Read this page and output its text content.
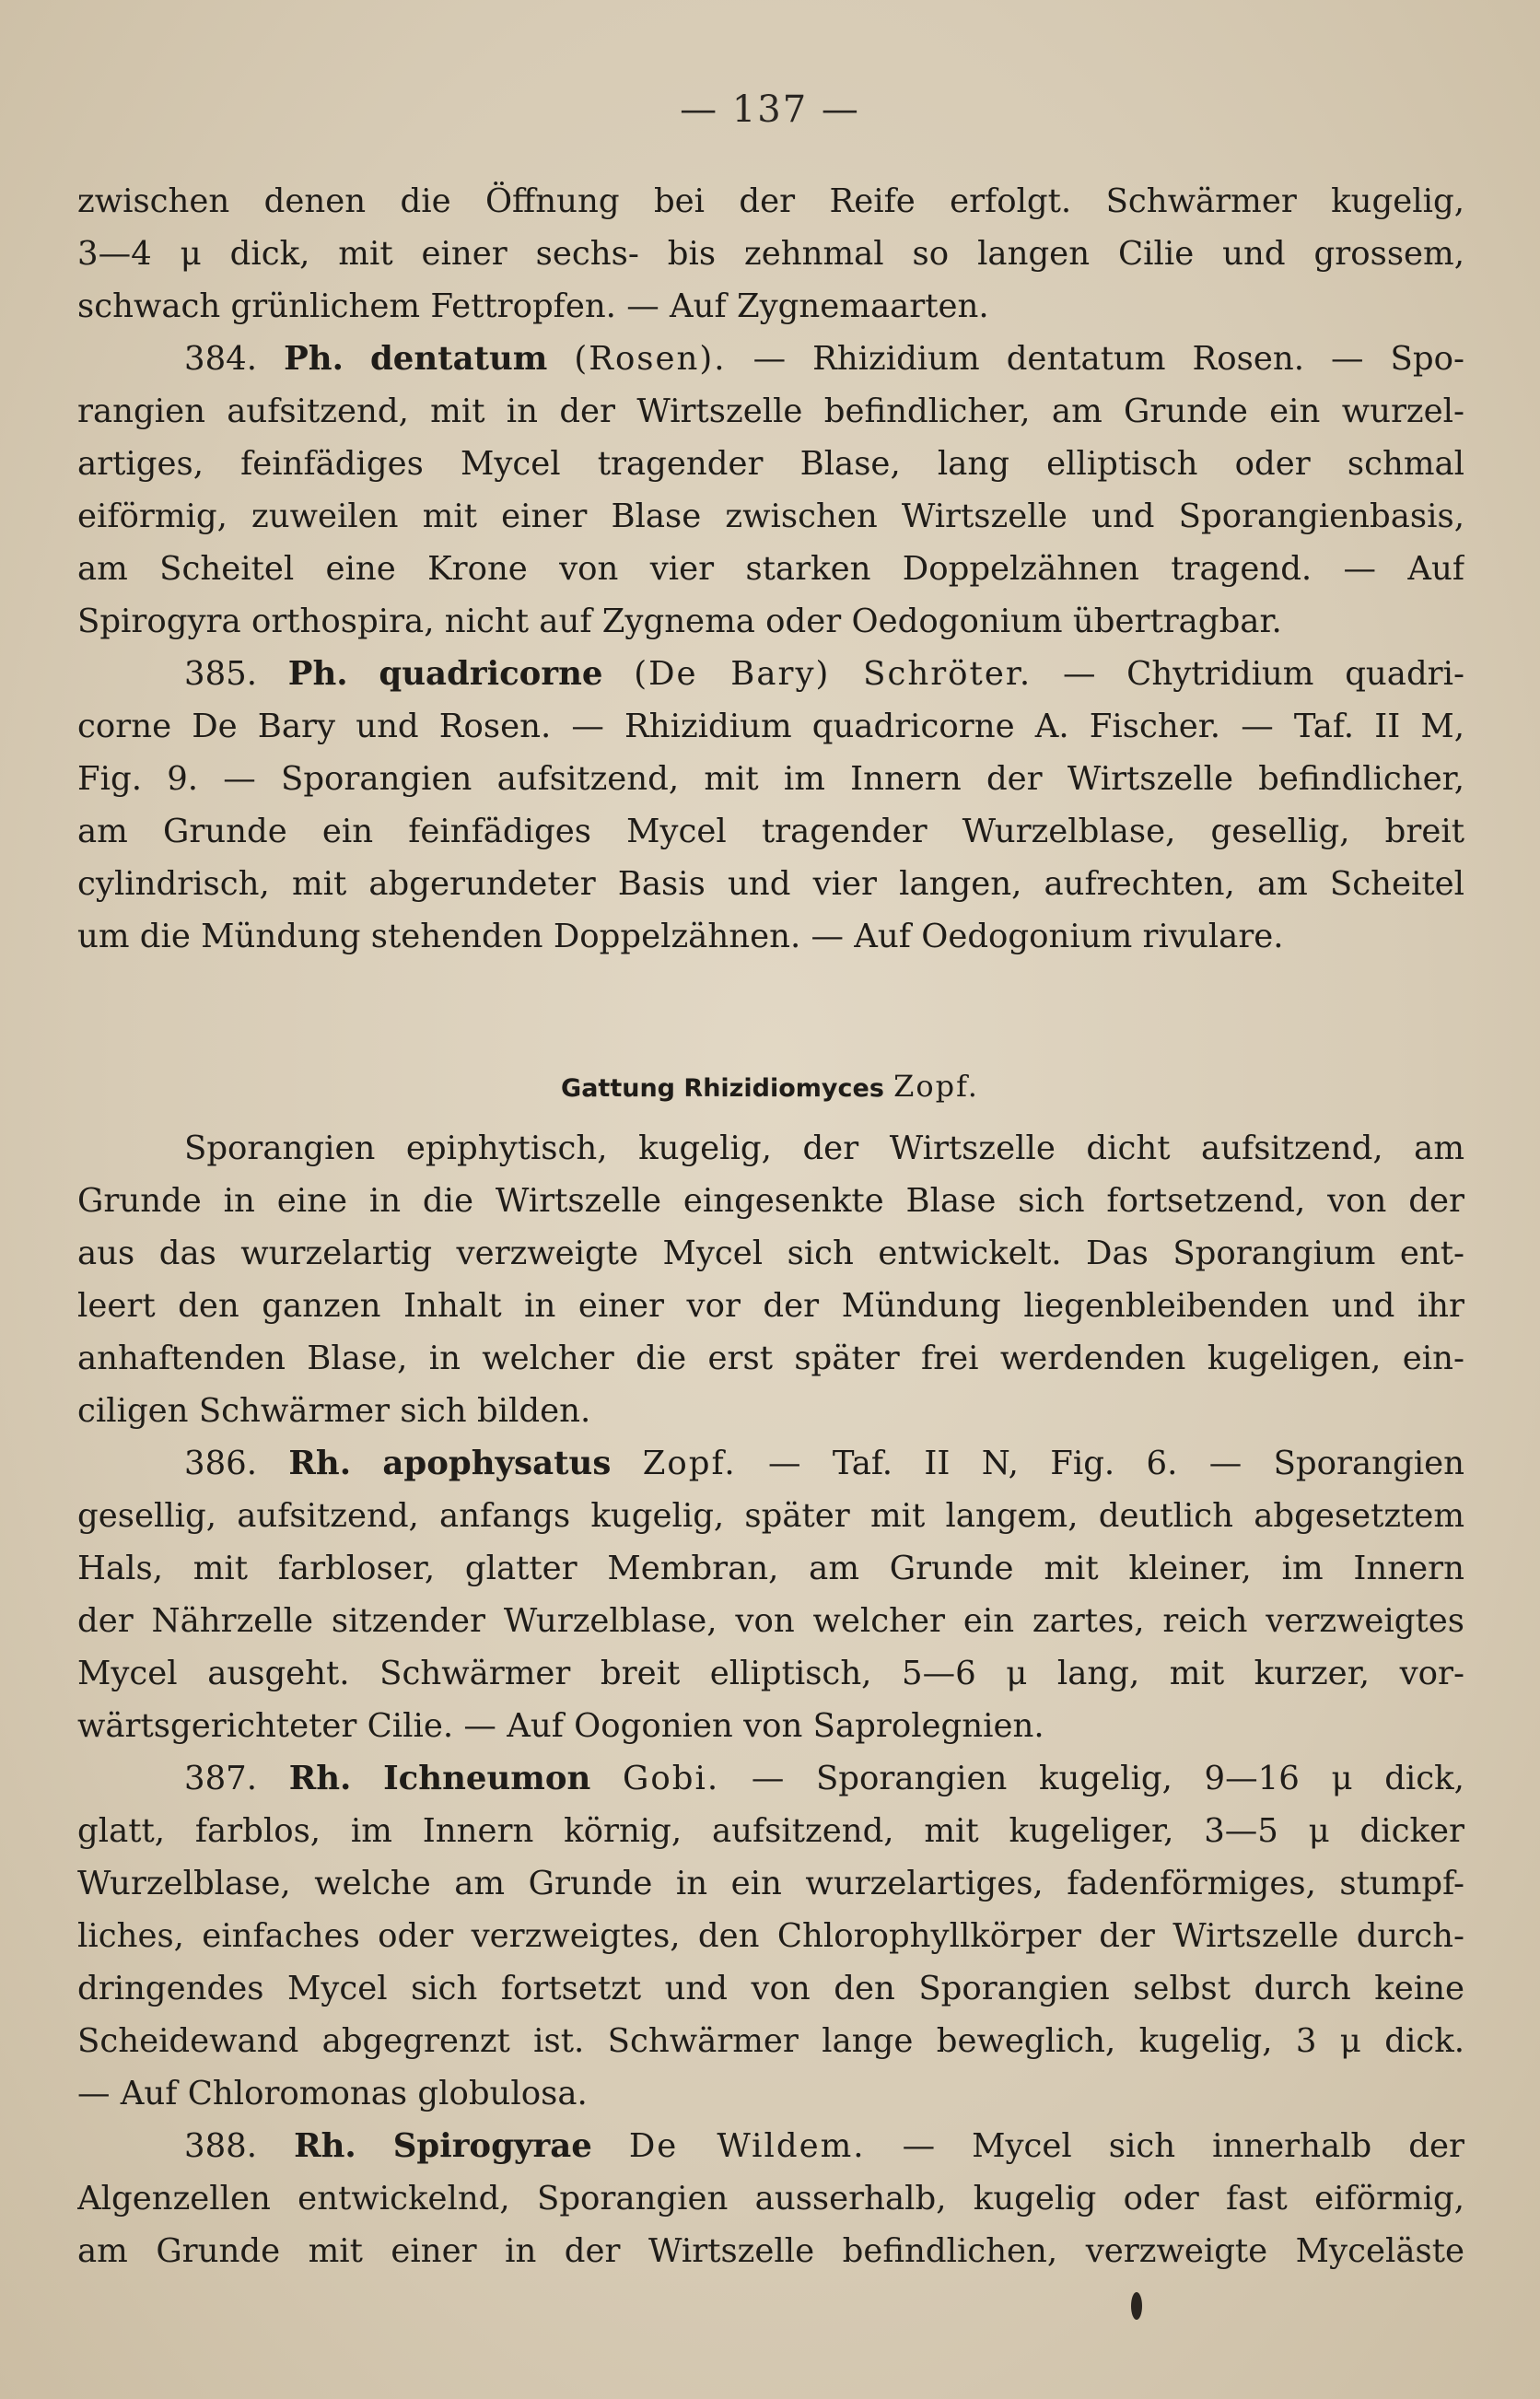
— 137 —
zwischen denen die Öffnung bei der Reife erfolgt. Schwärmer kugelig,
3—4 μ dick, mit einer sechs- bis zehnmal so langen Cilie und grossem,
schwach grünlichem Fettropfen. — Auf Zygnemaarten.
384. Ph. dentatum (Rosen). — Rhizidium dentatum Rosen. — Spo-
rangien aufsitzend, mit in der Wirtszelle befindlicher, am Grunde ein wurzel-
artiges, feinfädiges Mycel tragender Blase, lang elliptisch oder schmal
eiförmig, zuweilen mit einer Blase zwischen Wirtszelle und Sporangienbasis,
am Scheitel eine Krone von vier starken Doppelzähnen tragend. — Auf
Spirogyra orthospira, nicht auf Zygnema oder Oedogonium übertragbar.
385. Ph. quadricorne (De Bary) Schröter. — Chytridium quadri-
corne De Bary und Rosen. — Rhizidium quadricorne A. Fischer. — Taf. II M,
Fig. 9. — Sporangien aufsitzend, mit im Innern der Wirtszelle befindlicher,
am Grunde ein feinfädiges Mycel tragender Wurzelblase, gesellig, breit
cylindrisch, mit abgerundeter Basis und vier langen, aufrechten, am Scheitel
um die Mündung stehenden Doppelzähnen. — Auf Oedogonium rivulare.
Gattung Rhizidiomyces Zopf.
Sporangien epiphytisch, kugelig, der Wirtszelle dicht aufsitzend, am
Grunde in eine in die Wirtszelle eingesenkte Blase sich fortsetzend, von der
aus das wurzelartig verzweigte Mycel sich entwickelt. Das Sporangium ent-
leert den ganzen Inhalt in einer vor der Mündung liegenbleibenden und ihr
anhaftenden Blase, in welcher die erst später frei werdenden kugeligen, ein-
ciligen Schwärmer sich bilden.
386. Rh. apophysatus Zopf. — Taf. II N, Fig. 6. — Sporangien
gesellig, aufsitzend, anfangs kugelig, später mit langem, deutlich abgesetztem
Hals, mit farbloser, glatter Membran, am Grunde mit kleiner, im Innern
der Nährzelle sitzender Wurzelblase, von welcher ein zartes, reich verzweigtes
Mycel ausgeht. Schwärmer breit elliptisch, 5—6 μ lang, mit kurzer, vor-
wärtsgerichteter Cilie. — Auf Oogonien von Saprolegnien.
387. Rh. Ichneumon Gobi. — Sporangien kugelig, 9—16 μ dick,
glatt, farblos, im Innern körnig, aufsitzend, mit kugeliger, 3—5 μ dicker
Wurzelblase, welche am Grunde in ein wurzelartiges, fadenförmiges, stumpf-
liches, einfaches oder verzweigtes, den Chlorophyllkörper der Wirtszelle durch-
dringendes Mycel sich fortsetzt und von den Sporangien selbst durch keine
Scheidewand abgegrenzt ist. Schwärmer lange beweglich, kugelig, 3 μ dick.
— Auf Chloromonas globulosa.
388. Rh. Spirogyrae De Wildem. — Mycel sich innerhalb der
Algenzellen entwickelnd, Sporangien ausserhalb, kugelig oder fast eiförmig,
am Grunde mit einer in der Wirtszelle befindlichen, verzweigte Myceläste
